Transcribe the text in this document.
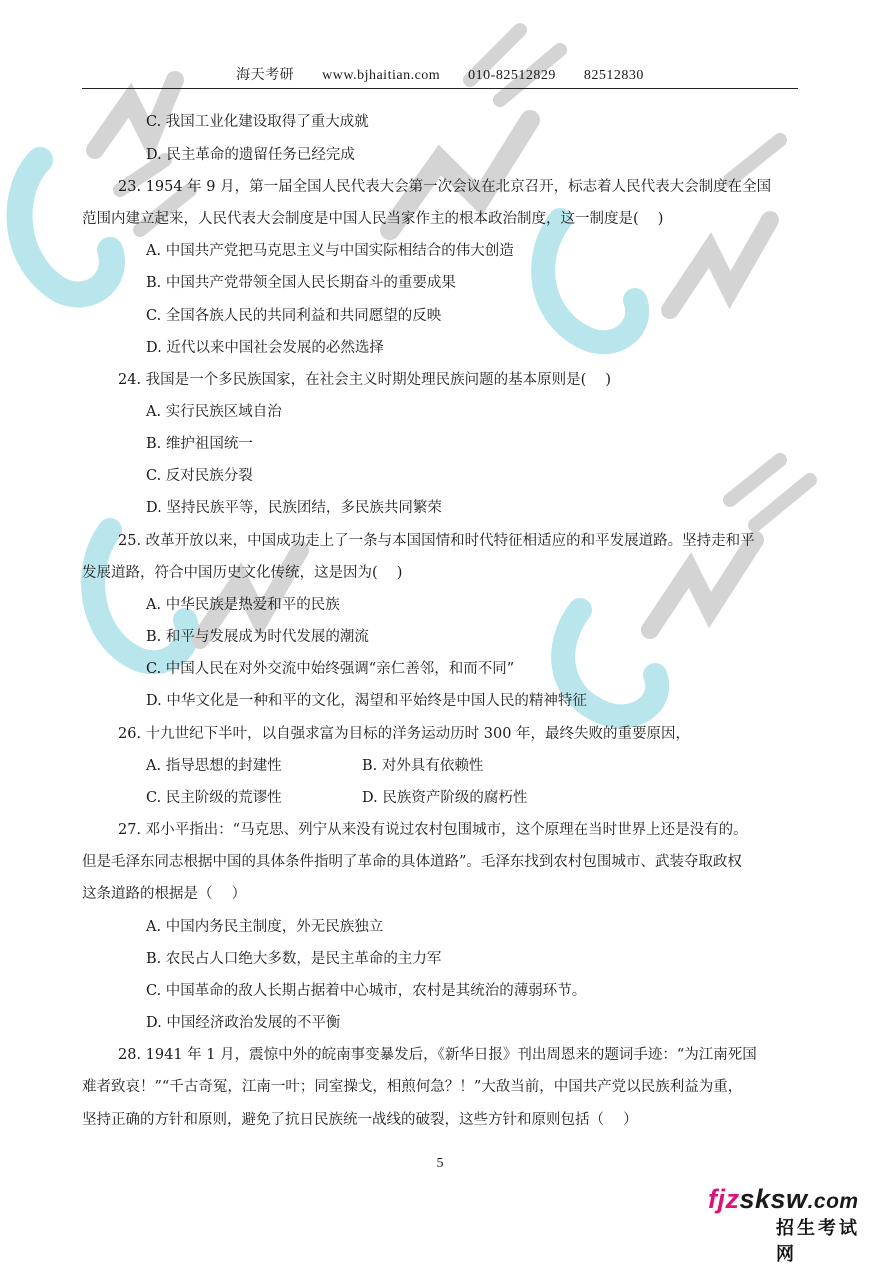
海天考研 www.bjhaitian.com 010-82512829 82512830
C. 我国工业化建设取得了重大成就
D. 民主革命的遗留任务已经完成
23. 1954 年 9 月，第一届全国人民代表大会第一次会议在北京召开，标志着人民代表大会制度在全国
范围内建立起来，人民代表大会制度是中国人民当家作主的根本政治制度，这一制度是(　 )
A. 中国共产党把马克思主义与中国实际相结合的伟大创造
B. 中国共产党带领全国人民长期奋斗的重要成果
C. 全国各族人民的共同利益和共同愿望的反映
D. 近代以来中国社会发展的必然选择
24. 我国是一个多民族国家，在社会主义时期处理民族问题的基本原则是(　 )
A. 实行民族区域自治
B. 维护祖国统一
C. 反对民族分裂
D. 坚持民族平等，民族团结，多民族共同繁荣
25. 改革开放以来，中国成功走上了一条与本国国情和时代特征相适应的和平发展道路。坚持走和平
发展道路，符合中国历史文化传统，这是因为(　 )
A. 中华民族是热爱和平的民族
B. 和平与发展成为时代发展的潮流
C. 中国人民在对外交流中始终强调“亲仁善邻，和而不同”
D. 中华文化是一种和平的文化，渴望和平始终是中国人民的精神特征
26. 十九世纪下半叶，以自强求富为目标的洋务运动历时 300 年，最终失败的重要原因，
A. 指导思想的封建性	B. 对外具有依赖性
C. 民主阶级的荒谬性	D. 民族资产阶级的腐朽性
27. 邓小平指出：“马克思、列宁从来没有说过农村包围城市，这个原理在当时世界上还是没有的。
但是毛泽东同志根据中国的具体条件指明了革命的具体道路”。毛泽东找到农村包围城市、武装夺取政权
这条道路的根据是（　 ）
A. 中国内务民主制度，外无民族独立
B. 农民占人口绝大多数，是民主革命的主力军
C. 中国革命的敌人长期占据着中心城市，农村是其统治的薄弱环节。
D. 中国经济政治发展的不平衡
28. 1941 年 1 月，震惊中外的皖南事变暴发后，《新华日报》刊出周恩来的题词手迹：“为江南死国
难者致哀！”“千古奇冤，江南一叶；同室操戈，相煎何急？！”大敌当前，中国共产党以民族利益为重，
坚持正确的方针和原则，避免了抗日民族统一战线的破裂，这些方针和原则包括（　 ）
5
fjzsksw.com
招生考试网
